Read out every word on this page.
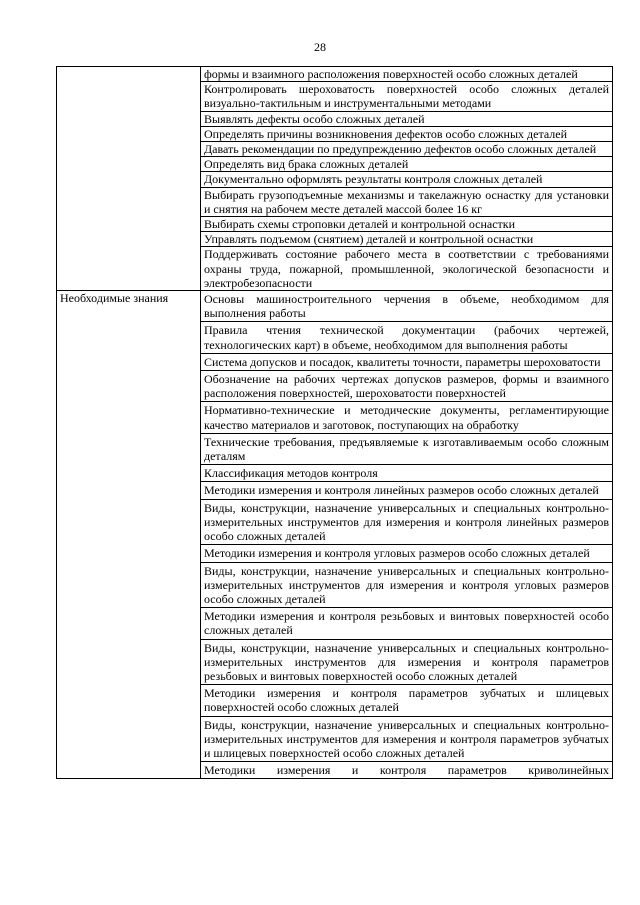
28
	формы и взаимного расположения поверхностей особо сложных деталей
	Контролировать шероховатость поверхностей особо сложных деталей визуально-тактильным и инструментальными методами
	Выявлять дефекты особо сложных деталей
	Определять причины возникновения дефектов особо сложных деталей
	Давать рекомендации по предупреждению дефектов особо сложных деталей
	Определять вид брака сложных деталей
	Документально оформлять результаты контроля сложных деталей
	Выбирать грузоподъемные механизмы и такелажную оснастку для установки и снятия на рабочем месте деталей массой более 16 кг
	Выбирать схемы строповки деталей и контрольной оснастки
	Управлять подъемом (снятием) деталей и контрольной оснастки
	Поддерживать состояние рабочего места в соответствии с требованиями охраны труда, пожарной, промышленной, экологической безопасности и электробезопасности
Необходимые знания	Основы машиностроительного черчения в объеме, необходимом для выполнения работы
	Правила чтения технической документации (рабочих чертежей, технологических карт) в объеме, необходимом для выполнения работы
	Система допусков и посадок, квалитеты точности, параметры шероховатости
	Обозначение на рабочих чертежах допусков размеров, формы и взаимного расположения поверхностей, шероховатости поверхностей
	Нормативно-технические и методические документы, регламентирующие качество материалов и заготовок, поступающих на обработку
	Технические требования, предъявляемые к изготавливаемым особо сложным деталям
	Классификация методов контроля
	Методики измерения и контроля линейных размеров особо сложных деталей
	Виды, конструкции, назначение универсальных и специальных контрольно-измерительных инструментов для измерения и контроля линейных размеров особо сложных деталей
	Методики измерения и контроля угловых размеров особо сложных деталей
	Виды, конструкции, назначение универсальных и специальных контрольно-измерительных инструментов для измерения и контроля угловых размеров особо сложных деталей
	Методики измерения и контроля резьбовых и винтовых поверхностей особо сложных деталей
	Виды, конструкции, назначение универсальных и специальных контрольно-измерительных инструментов для измерения и контроля параметров резьбовых и винтовых поверхностей особо сложных деталей
	Методики измерения и контроля параметров зубчатых и шлицевых поверхностей особо сложных деталей
	Виды, конструкции, назначение универсальных и специальных контрольно-измерительных инструментов для измерения и контроля параметров зубчатых и шлицевых поверхностей особо сложных деталей
	Методики измерения и контроля параметров криволинейных
